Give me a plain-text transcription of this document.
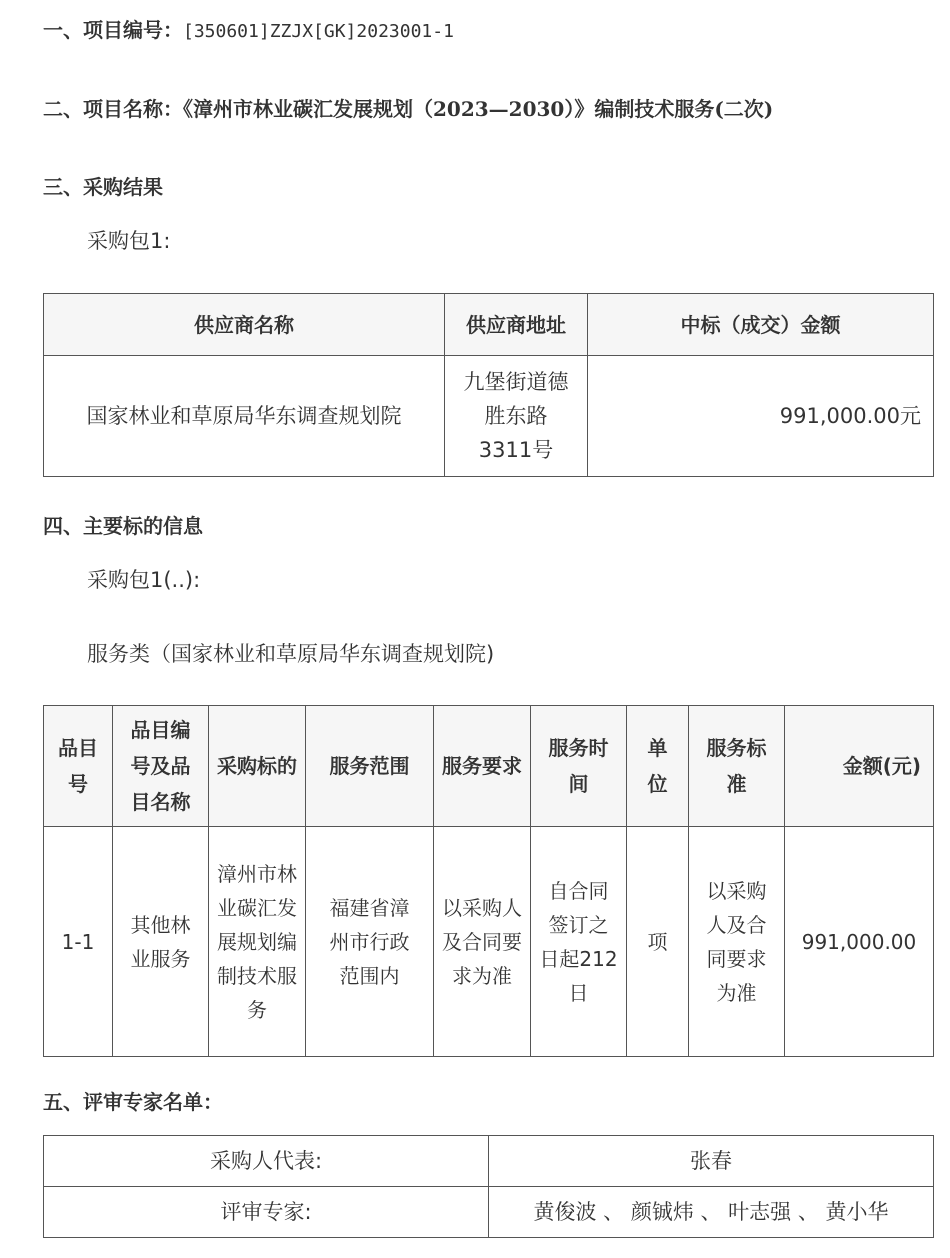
一、项目编号：[350601]ZZJX[GK]2023001-1
二、项目名称：《漳州市林业碳汇发展规划（2023—2030）》编制技术服务(二次)
三、采购结果
采购包1:
供应商名称	供应商地址	中标（成交）金额
国家林业和草原局华东调查规划院	九堡街道德胜东路3311号	991,000.00元
四、主要标的信息
采购包1(..):
服务类（国家林业和草原局华东调查规划院)
品目号	品目编号及品目名称	采购标的	服务范围	服务要求	服务时间	单位	服务标准	金额(元)
1-1	其他林业服务	漳州市林业碳汇发展规划编制技术服务	福建省漳州市行政范围内	以采购人及合同要求为准	自合同签订之日起212日	项	以采购人及合同要求为准	991,000.00
五、评审专家名单：
采购人代表:	张春
评审专家:	黄俊波 、 颜铖炜 、 叶志强 、 黄小华
